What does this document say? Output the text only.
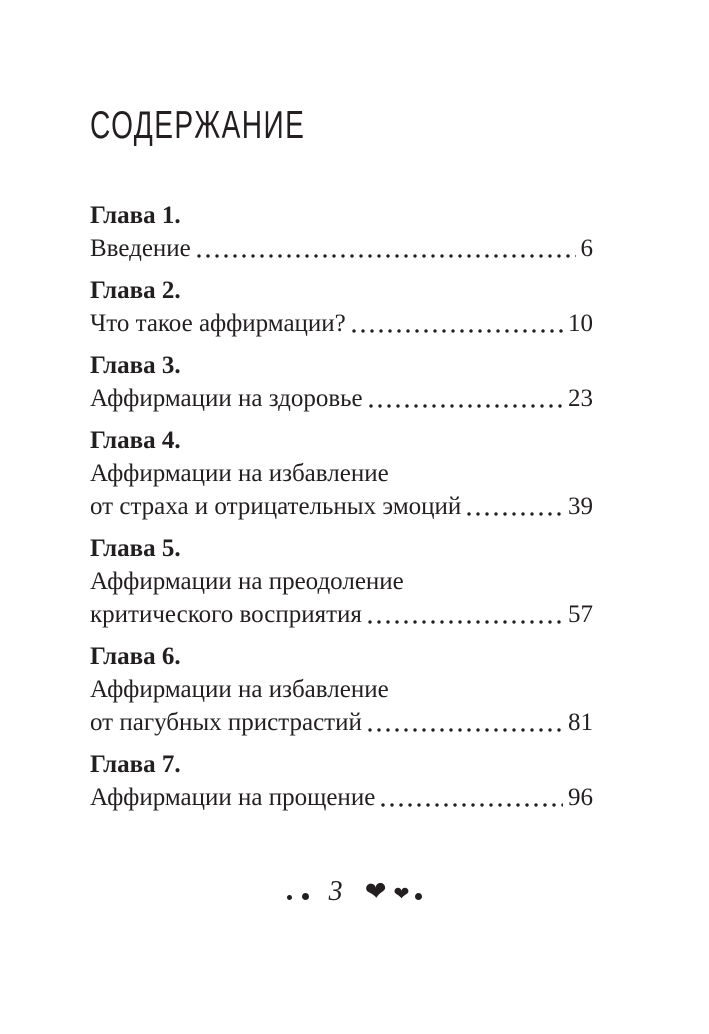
СОДЕРЖАНИЕ
Глава 1.
Введение	6
Глава 2.
Что такое аффирмации?	10
Глава 3.
Аффирмации на здоровье	23
Глава 4.
Аффирмации на избавление
от страха и отрицательных эмоций	39
Глава 5.
Аффирмации на преодоление
критического восприятия	57
Глава 6.
Аффирмации на избавление
от пагубных пристрастий	81
Глава 7.
Аффирмации на прощение	96
3 ❤ ❤
